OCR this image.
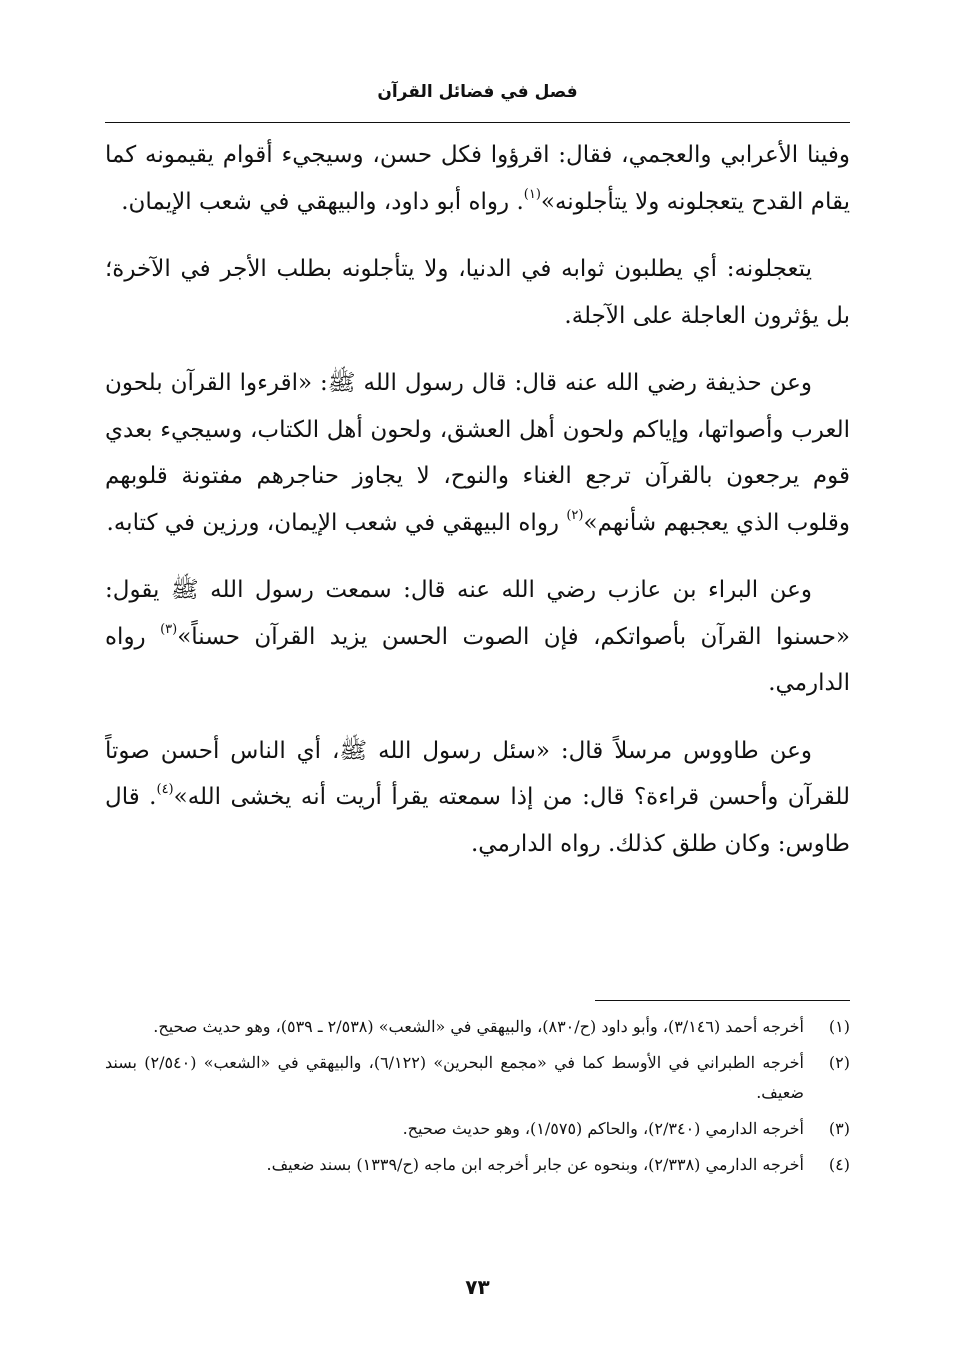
فصل في فضائل القرآن

وفينا الأعرابي والعجمي، فقال: اقرؤوا فكل حسن، وسيجيء أقوام يقيمونه كما يقام القدح يتعجلونه ولا يتأجلونه»$^{(١)}$. رواه أبو داود، والبيهقي في شعب الإيمان.

يتعجلونه: أي يطلبون ثوابه في الدنيا، ولا يتأجلونه بطلب الأجر في الآخرة؛ بل يؤثرون العاجلة على الآجلة.

وعن حذيفة رضي الله عنه قال: قال رسول الله ﷺ: «اقرءوا القرآن بلحون العرب وأصواتها، وإياكم ولحون أهل العشق، ولحون أهل الكتاب، وسيجيء بعدي قوم يرجعون بالقرآن ترجع الغناء والنوح، لا يجاوز حناجرهم مفتونة قلوبهم وقلوب الذي يعجبهم شأنهم»$^{(٢)}$ رواه البيهقي في شعب الإيمان، ورزين في كتابه.

وعن البراء بن عازب رضي الله عنه قال: سمعت رسول الله ﷺ يقول: «حسنوا القرآن بأصواتكم، فإن الصوت الحسن يزيد القرآن حسناً»$^{(٣)}$ رواه الدارمي.

وعن طاووس مرسلاً قال: «سئل رسول الله ﷺ، أي الناس أحسن صوتاً للقرآن وأحسن قراءة؟ قال: من إذا سمعته يقرأ أريت أنه يخشى الله»$^{(٤)}$. قال طاوس: وكان طلق كذلك. رواه الدارمي.

(١)
أخرجه أحمد (٣/١٤٦)، وأبو داود (ح/٨٣٠)، والبيهقي في «الشعب» (٢/٥٣٨ ـ ٥٣٩)، وهو حديث صحيح.
(٢)
أخرجه الطبراني في الأوسط كما في «مجمع البحرين» (٦/١٢٢)، والبيهقي في «الشعب» (٢/٥٤٠) بسند ضعيف.
(٣)
أخرجه الدارمي (٢/٣٤٠)، والحاكم (١/٥٧٥)، وهو حديث صحيح.
(٤)
أخرجه الدارمي (٢/٣٣٨)، وبنحوه عن جابر أخرجه ابن ماجه (ح/١٣٣٩) بسند ضعيف.
٧٣
